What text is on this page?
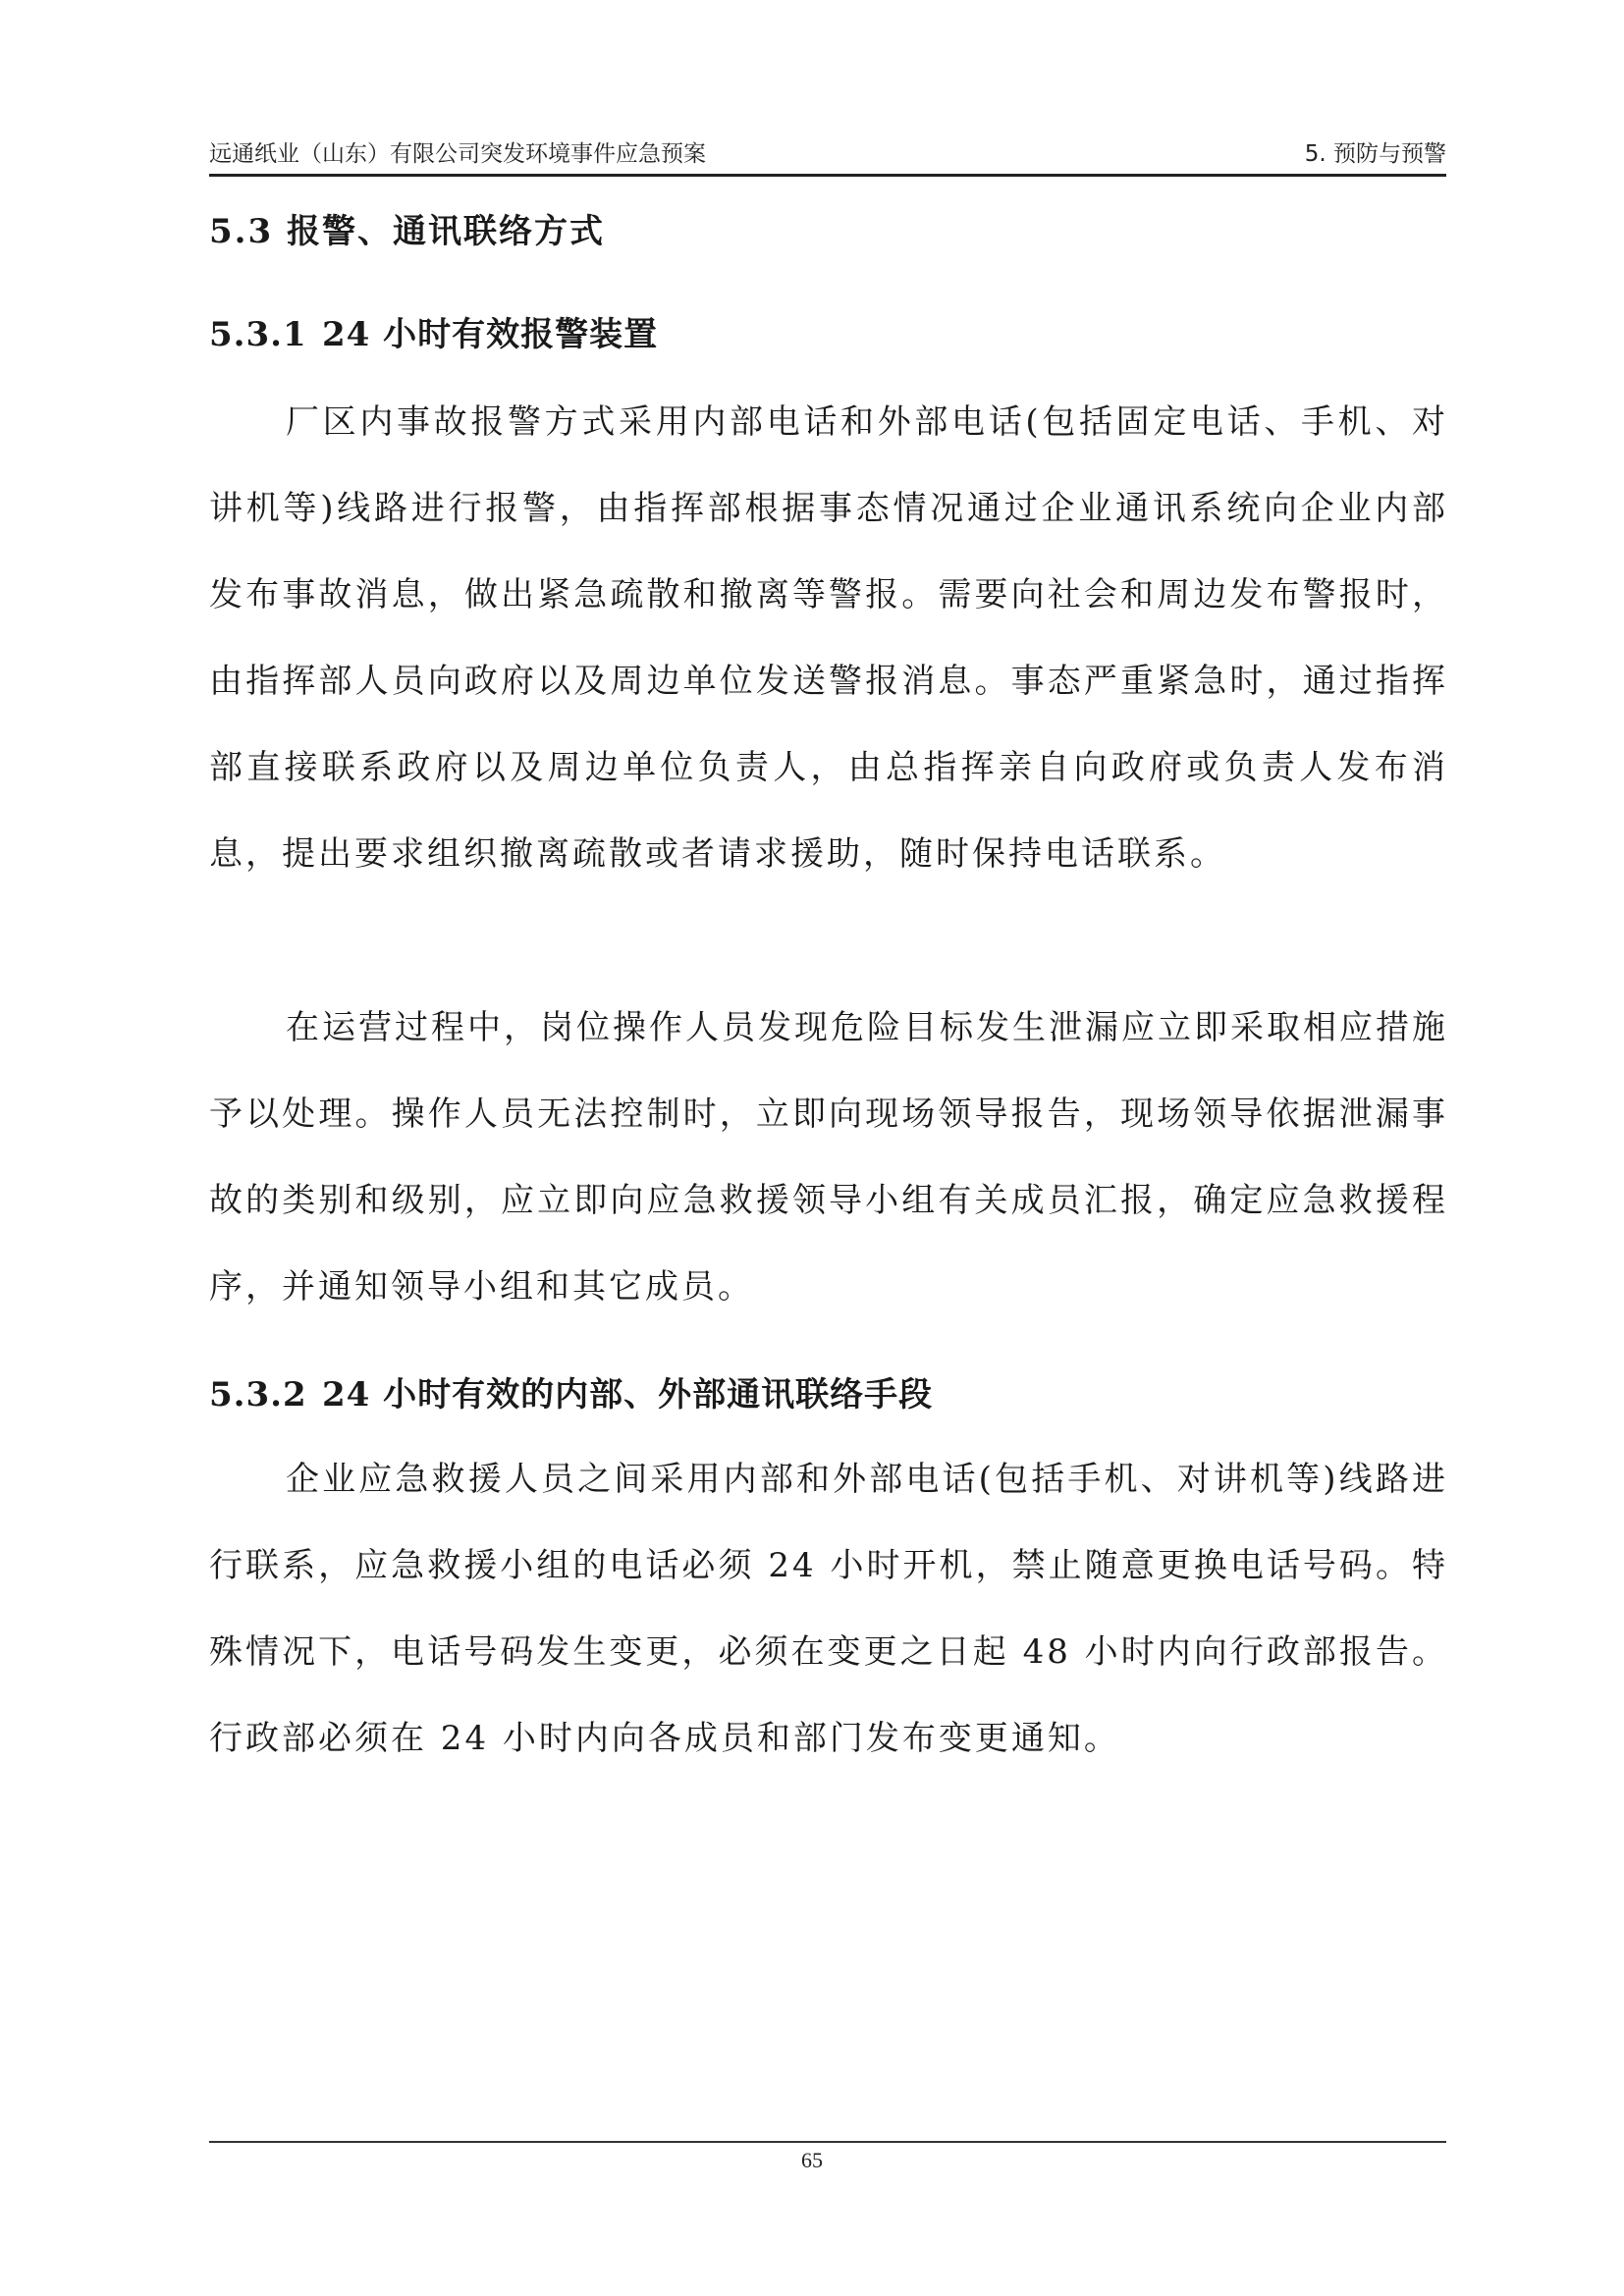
远通纸业（山东）有限公司突发环境事件应急预案	5. 预防与预警
5.3 报警、通讯联络方式
5.3.1 24 小时有效报警装置

厂区内事故报警方式采用内部电话和外部电话(包括固定电话、手机、对讲机等)线路进行报警，由指挥部根据事态情况通过企业通讯系统向企业内部发布事故消息，做出紧急疏散和撤离等警报。需要向社会和周边发布警报时，由指挥部人员向政府以及周边单位发送警报消息。事态严重紧急时，通过指挥部直接联系政府以及周边单位负责人，由总指挥亲自向政府或负责人发布消息，提出要求组织撤离疏散或者请求援助，随时保持电话联系。

在运营过程中，岗位操作人员发现危险目标发生泄漏应立即采取相应措施予以处理。操作人员无法控制时，立即向现场领导报告，现场领导依据泄漏事故的类别和级别，应立即向应急救援领导小组有关成员汇报，确定应急救援程序，并通知领导小组和其它成员。

5.3.2 24 小时有效的内部、外部通讯联络手段

企业应急救援人员之间采用内部和外部电话(包括手机、对讲机等)线路进行联系，应急救援小组的电话必须 24 小时开机，禁止随意更换电话号码。特殊情况下，电话号码发生变更，必须在变更之日起 48 小时内向行政部报告。行政部必须在 24 小时内向各成员和部门发布变更通知。

65
